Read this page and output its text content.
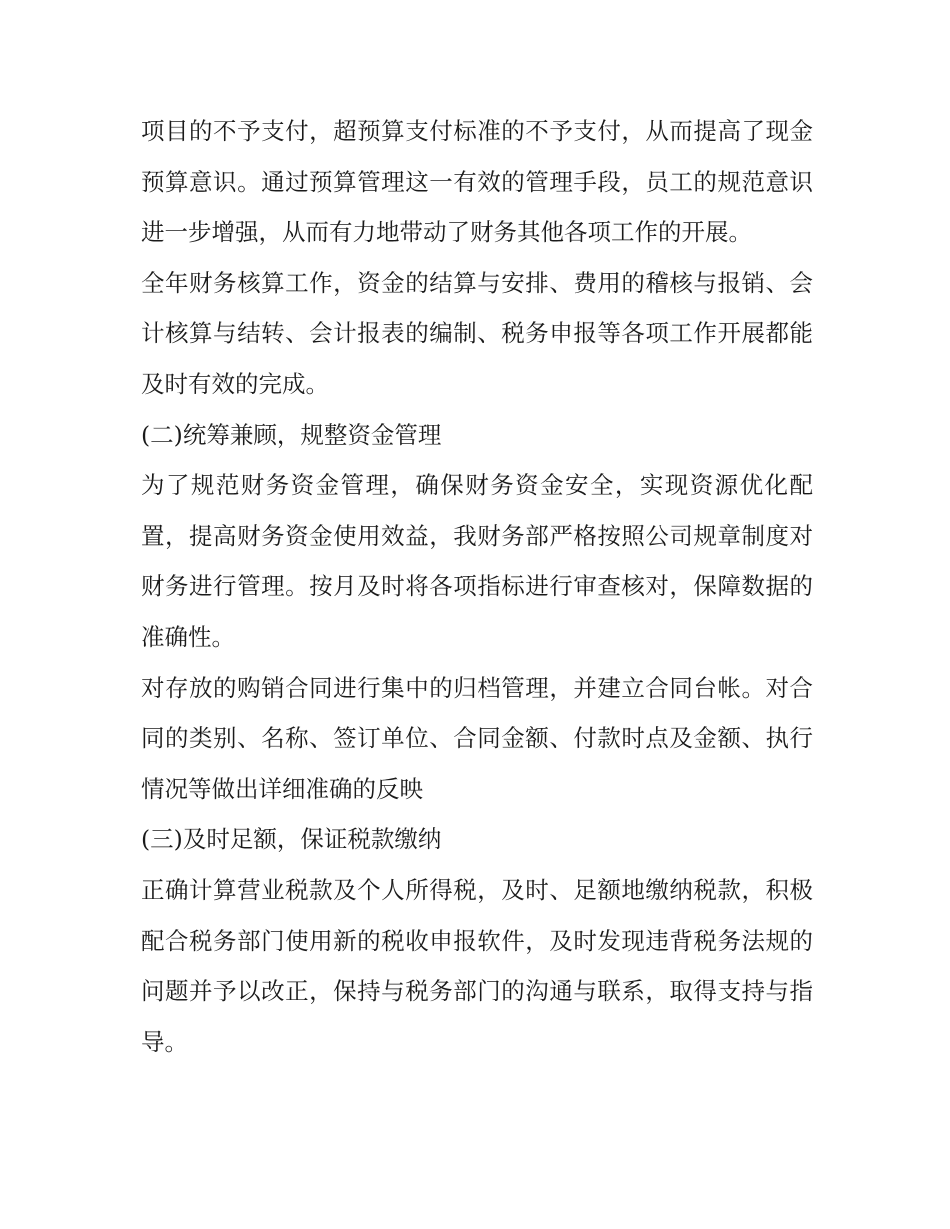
项目的不予支付，超预算支付标准的不予支付，从而提高了现金预算意识。通过预算管理这一有效的管理手段，员工的规范意识进一步增强，从而有力地带动了财务其他各项工作的开展。

全年财务核算工作，资金的结算与安排、费用的稽核与报销、会计核算与结转、会计报表的编制、税务申报等各项工作开展都能及时有效的完成。

(二)统筹兼顾，规整资金管理

为了规范财务资金管理，确保财务资金安全，实现资源优化配置，提高财务资金使用效益，我财务部严格按照公司规章制度对财务进行管理。按月及时将各项指标进行审查核对，保障数据的准确性。

对存放的购销合同进行集中的归档管理，并建立合同台帐。对合同的类别、名称、签订单位、合同金额、付款时点及金额、执行情况等做出详细准确的反映

(三)及时足额，保证税款缴纳

正确计算营业税款及个人所得税，及时、足额地缴纳税款，积极配合税务部门使用新的税收申报软件，及时发现违背税务法规的问题并予以改正，保持与税务部门的沟通与联系，取得支持与指导。
